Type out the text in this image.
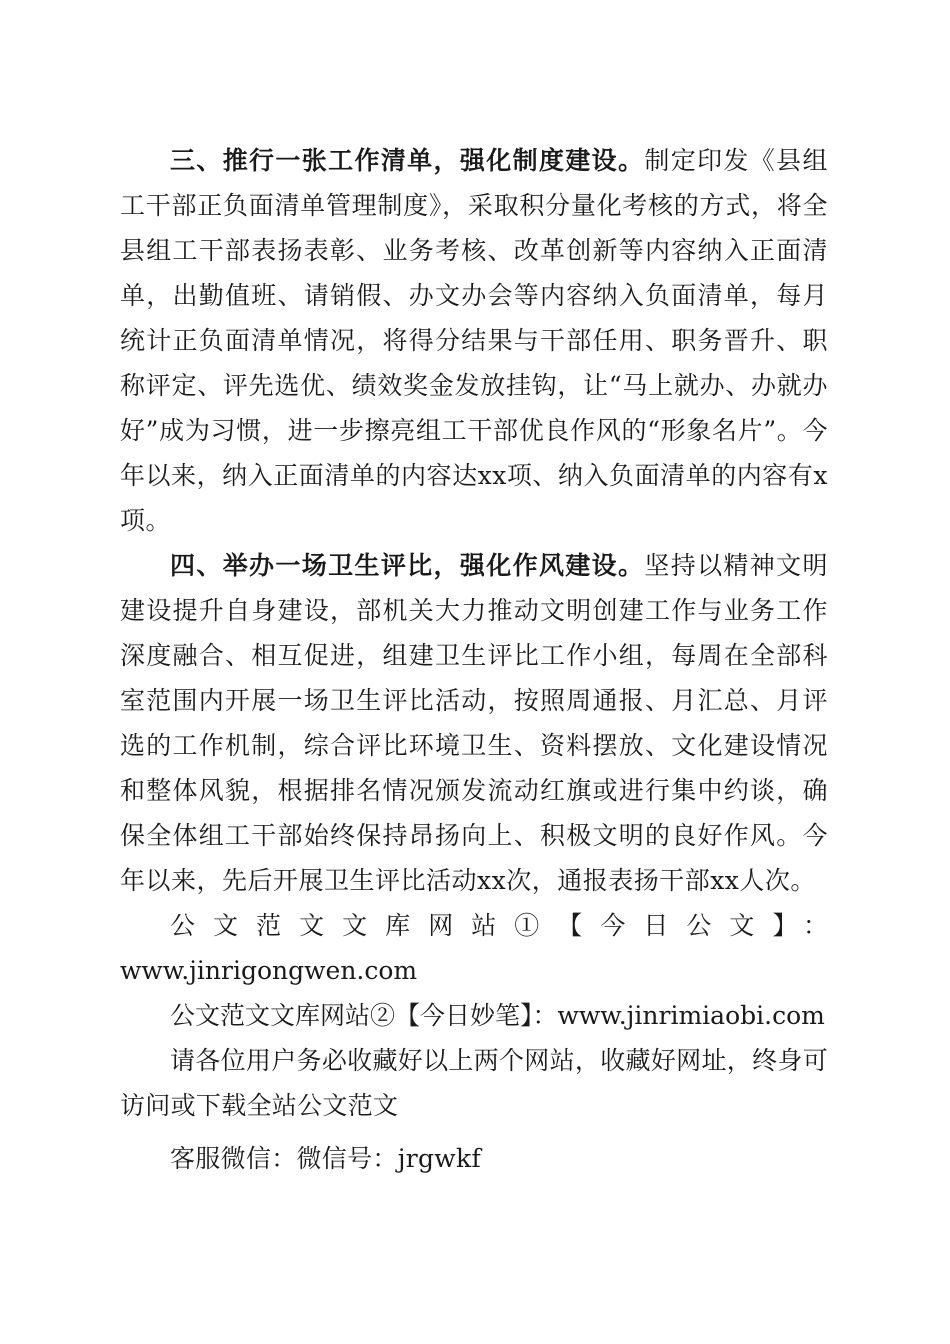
三、推行一张工作清单，强化制度建设。制定印发《县组工干部正负面清单管理制度》，采取积分量化考核的方式，将全县组工干部表扬表彰、业务考核、改革创新等内容纳入正面清单，出勤值班、请销假、办文办会等内容纳入负面清单，每月统计正负面清单情况，将得分结果与干部任用、职务晋升、职称评定、评先选优、绩效奖金发放挂钩，让“马上就办、办就办好”成为习惯，进一步擦亮组工干部优良作风的“形象名片”。今年以来，纳入正面清单的内容达xx项、纳入负面清单的内容有x项。

四、举办一场卫生评比，强化作风建设。坚持以精神文明建设提升自身建设，部机关大力推动文明创建工作与业务工作深度融合、相互促进，组建卫生评比工作小组，每周在全部科室范围内开展一场卫生评比活动，按照周通报、月汇总、月评选的工作机制，综合评比环境卫生、资料摆放、文化建设情况和整体风貌，根据排名情况颁发流动红旗或进行集中约谈，确保全体组工干部始终保持昂扬向上、积极文明的良好作风。今年以来，先后开展卫生评比活动xx次，通报表扬干部xx人次。

公文范文文库网站①【今日公文】：

www.jinrigongwen.com

公文范文文库网站②【今日妙笔】：www.jinrimiaobi.com

请各位用户务必收藏好以上两个网站，收藏好网址，终身可访问或下载全站公文范文

客服微信：微信号：jrgwkf
